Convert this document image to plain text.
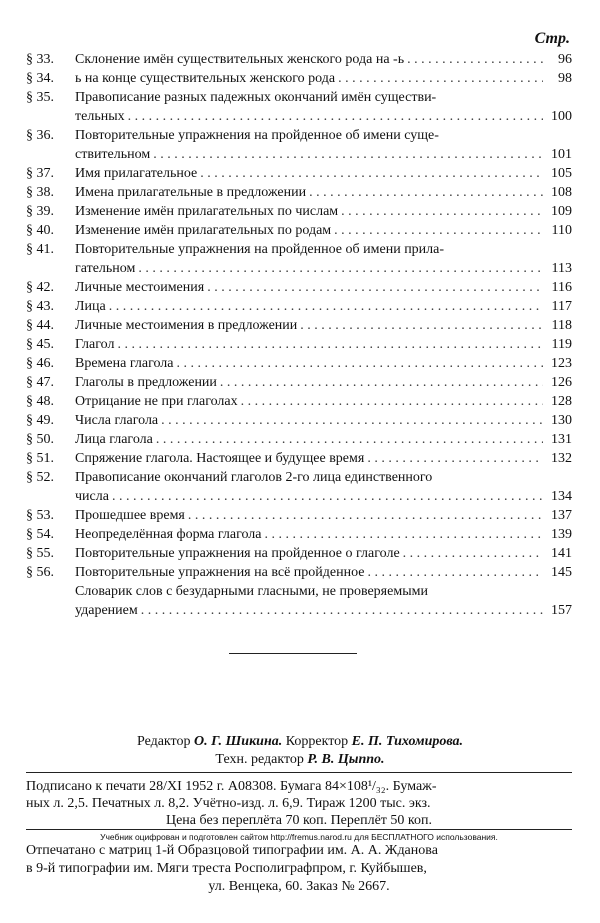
Стр.
§ 33.	Склонение имён существительных женского рода на -ь . . .	96
§ 34.	ь на конце существительных женского рода . . .	98
§ 35.	Правописание разных падежных окончаний имён существи-
тельных . . .	100
§ 36.	Повторительные упражнения на пройденное об имени суще-
ствительном . . .	101
§ 37.	Имя прилагательное . . .	105
§ 38.	Имена прилагательные в предложении . . .	108
§ 39.	Изменение имён прилагательных по числам . . .	109
§ 40.	Изменение имён прилагательных по родам . . .	110
§ 41.	Повторительные упражнения на пройденное об имени прила-
гательном . . .	113
§ 42.	Личные местоимения . . .	116
§ 43.	Лица . . .	117
§ 44.	Личные местоимения в предложении . . .	118
§ 45.	Глагол . . .	119
§ 46.	Времена глагола . . .	123
§ 47.	Глаголы в предложении . . .	126
§ 48.	Отрицание не при глаголах . . .	128
§ 49.	Числа глагола . . .	130
§ 50.	Лица глагола . . .	131
§ 51.	Спряжение глагола. Настоящее и будущее время . . .	132
§ 52.	Правописание окончаний глаголов 2-го лица единственного
числа . . .	134
§ 53.	Прошедшее время . . .	137
§ 54.	Неопределённая форма глагола . . .	139
§ 55.	Повторительные упражнения на пройденное о глаголе . . .	141
§ 56.	Повторительные упражнения на всё пройденное . . .	145
Словарик слов с безударными гласными, не проверяемыми
ударением . . .	157
Редактор О. Г. Шикина. Корректор Е. П. Тихомирова.
Техн. редактор Р. В. Цыппо.
Подписано к печати 28/XI 1952 г. А08308. Бумага 84×108¹/₃₂. Бумаж-
ных л. 2,5. Печатных л. 8,2. Учётно-изд. л. 6,9. Тираж 1200 тыс. экз.
Цена без переплёта 70 коп. Переплёт 50 коп.
Учебник оцифрован и подготовлен сайтом http://fremus.narod.ru для БЕСПЛАТНОГО использования.
Отпечатано с матриц 1-й Образцовой типографии им. А. А. Жданова
в 9-й типографии им. Мяги треста Росполиграфпром, г. Куйбышев,
ул. Венцека, 60. Заказ № 2667.
